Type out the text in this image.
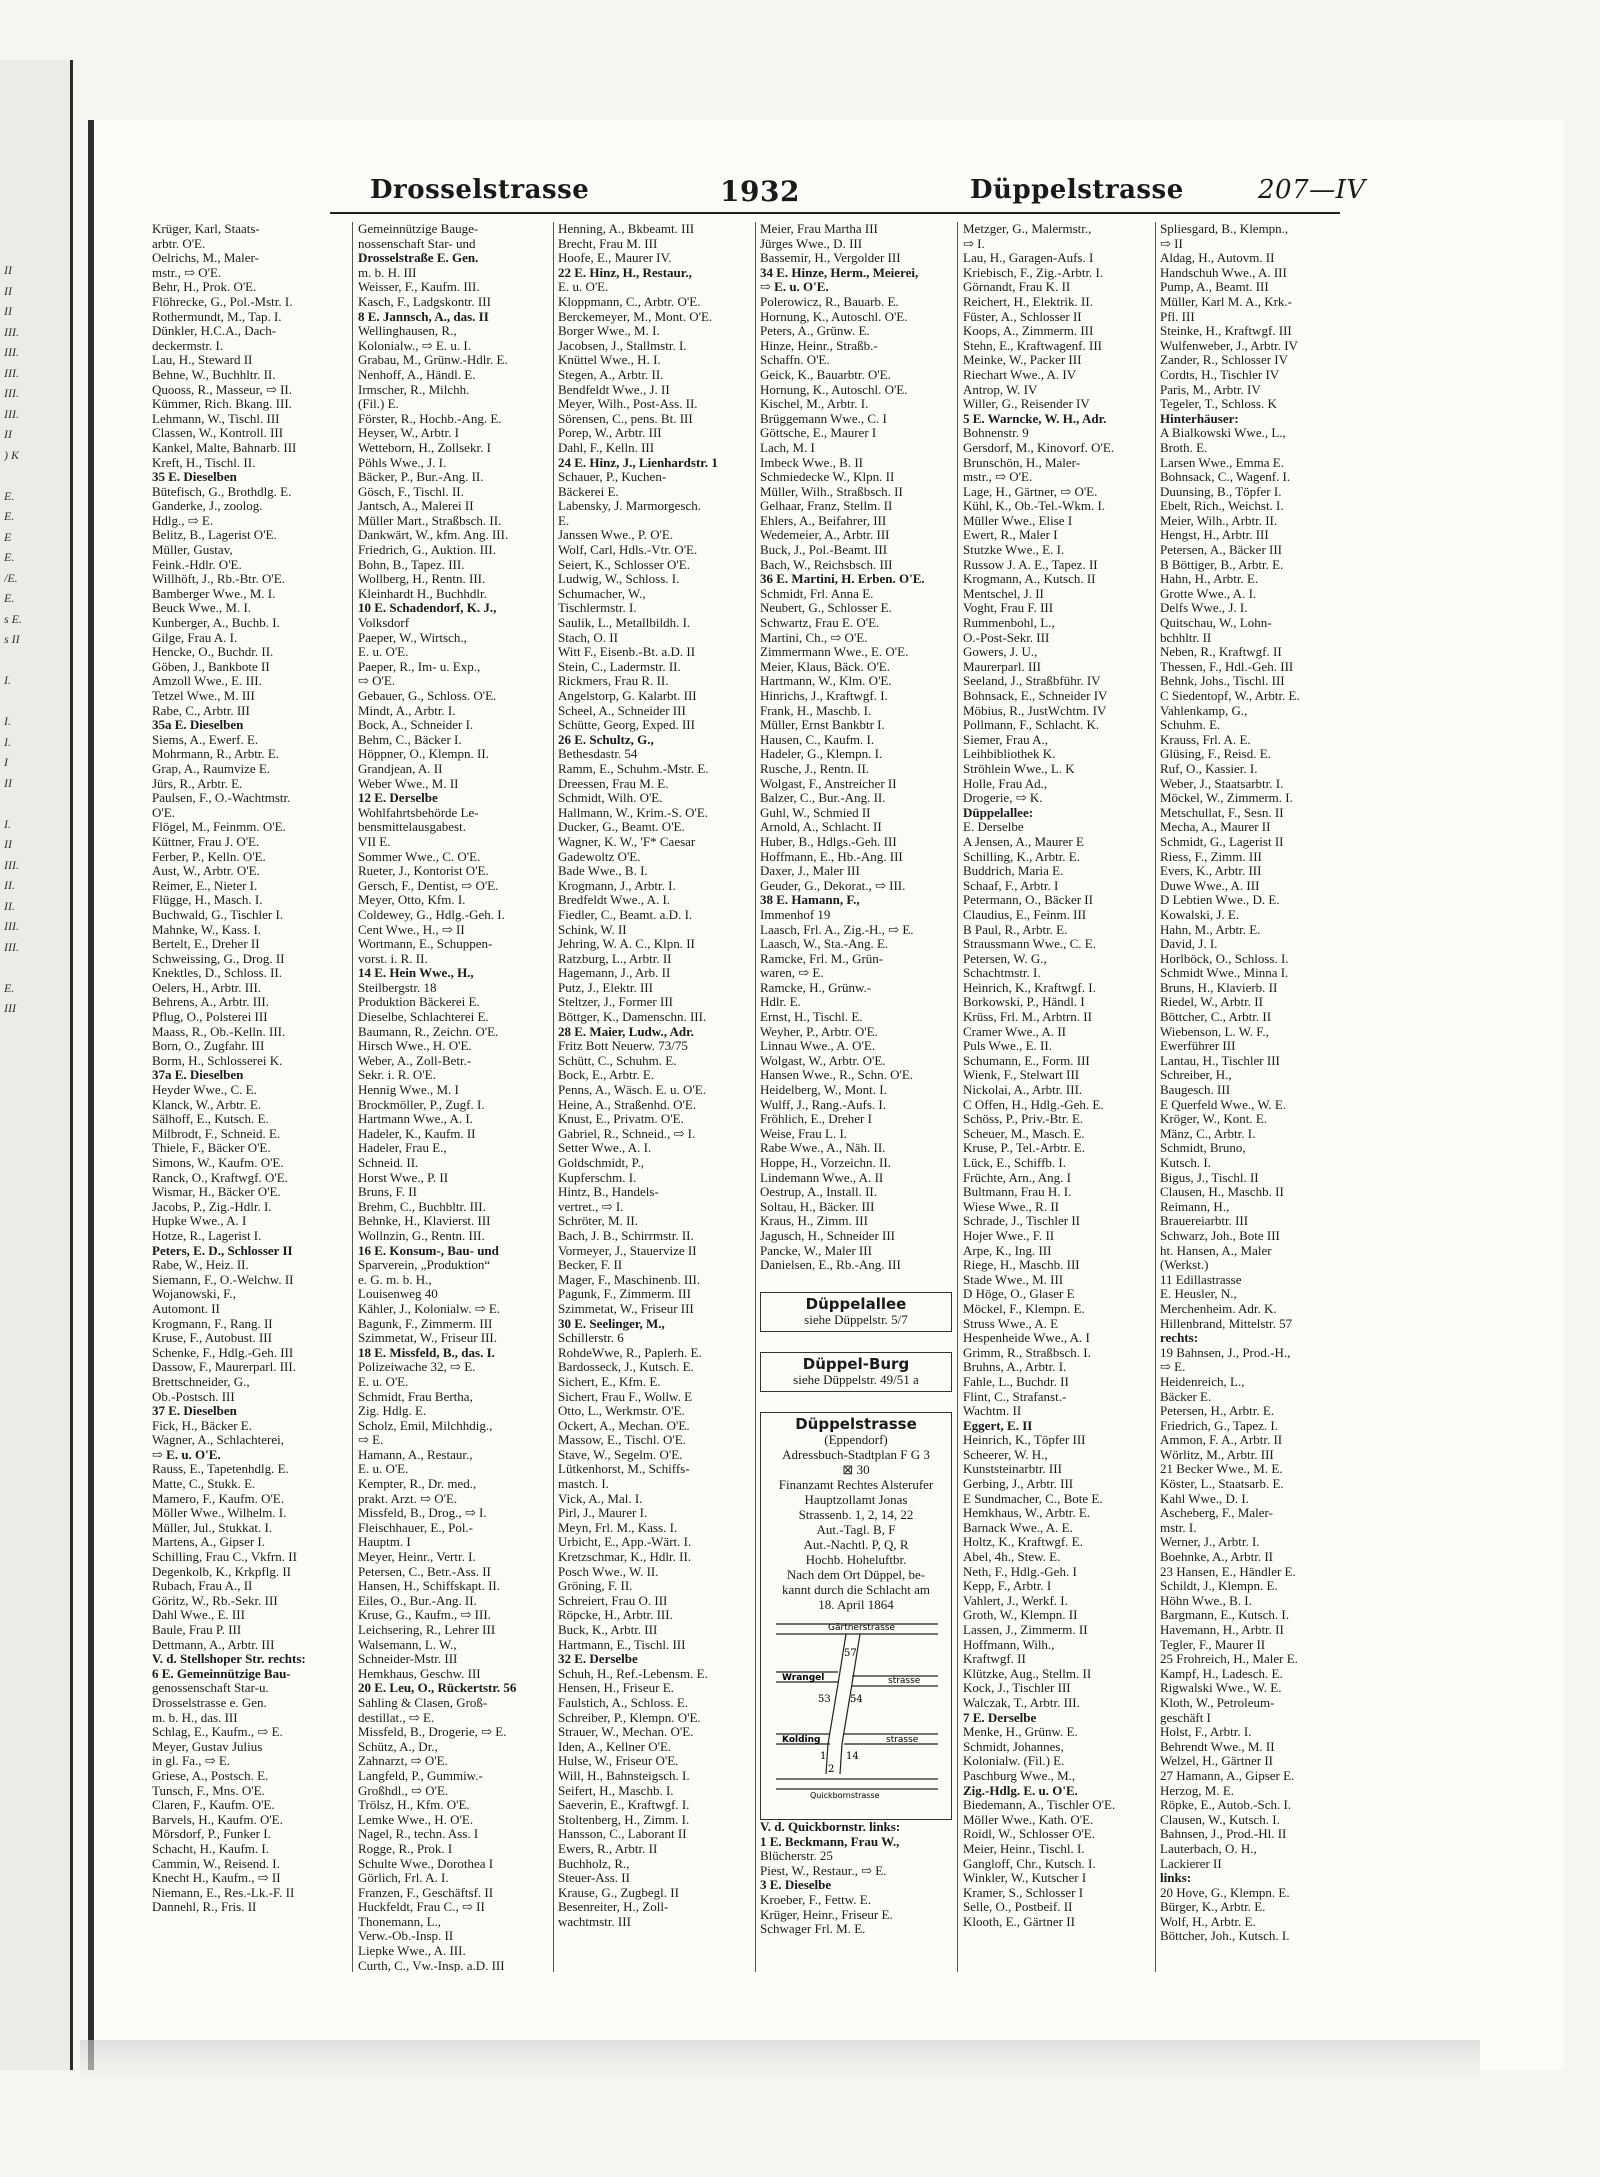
II
II
II
III.
III.
III.
III.
III.
II
) K
E.
E.
E
E.
/E.
E.
s E.
s II
I.
I.
I.
I
II
I.
II
III.
II.
II.
III.
III.
E.
III
Drosselstrasse	1932	Düppelstrasse	207—IV
Krüger, Karl, Staats-
arbtr. O'E.
Oelrichs, M., Maler-
mstr., ⇨ O'E.
Behr, H., Prok. O'E.
Flöhrecke, G., Pol.-Mstr. I.
Rothermundt, M., Tap. I.
Dünkler, H.C.A., Dach-
deckermstr. I.
Lau, H., Steward II
Behne, W., Buchhltr. II.
Quooss, R., Masseur, ⇨ II.
Kümmer, Rich. Bkang. III.
Lehmann, W., Tischl. III
Classen, W., Kontroll. III
Kankel, Malte, Bahnarb. III
Kreft, H., Tischl. II.
35 E. Dieselben
Bütefisch, G., Brothdlg. E.
Ganderke, J., zoolog.
Hdlg., ⇨ E.
Belitz, B., Lagerist O'E.
Müller, Gustav,
Feink.-Hdlr. O'E.
Willhöft, J., Rb.-Btr. O'E.
Bamberger Wwe., M. I.
Beuck Wwe., M. I.
Kunberger, A., Buchb. I.
Gilge, Frau A. I.
Hencke, O., Buchdr. II.
Göben, J., Bankbote II
Amzoll Wwe., E. III.
Tetzel Wwe., M. III
Rabe, C., Arbtr. III
35a E. Dieselben
Siems, A., Ewerf. E.
Mohrmann, R., Arbtr. E.
Grap, A., Raumvize E.
Jürs, R., Arbtr. E.
Paulsen, F., O.-Wachtmstr.
O'E.
Flögel, M., Feinmm. O'E.
Küttner, Frau J. O'E.
Ferber, P., Kelln. O'E.
Aust, W., Arbtr. O'E.
Reimer, E., Nieter I.
Flügge, H., Masch. I.
Buchwald, G., Tischler I.
Mahnke, W., Kass. I.
Bertelt, E., Dreher II
Schweissing, G., Drog. II
Knektles, D., Schloss. II.
Oelers, H., Arbtr. III.
Behrens, A., Arbtr. III.
Pflug, O., Polsterei III
Maass, R., Ob.-Kelln. III.
Born, O., Zugfahr. III
Borm, H., Schlosserei K.
37a E. Dieselben
Heyder Wwe., C. E.
Klanck, W., Arbtr. E.
Sälhoff, E., Kutsch. E.
Milbrodt, F., Schneid. E.
Thiele, F., Bäcker O'E.
Simons, W., Kaufm. O'E.
Ranck, O., Kraftwgf. O'E.
Wismar, H., Bäcker O'E.
Jacobs, P., Zig.-Hdlr. I.
Hupke Wwe., A. I
Hotze, R., Lagerist I.
Peters, E. D., Schlosser II
Rabe, W., Heiz. II.
Siemann, F., O.-Welchw. II
Wojanowski, F.,
Automont. II
Krogmann, F., Rang. II
Kruse, F., Autobust. III
Schenke, F., Hdlg.-Geh. III
Dassow, F., Maurerparl. III.
Brettschneider, G.,
Ob.-Postsch. III
37 E. Dieselben
Fick, H., Bäcker E.
Wagner, A., Schlachterei,
⇨ E. u. O'E.
Rauss, E., Tapetenhdlg. E.
Matte, C., Stukk. E.
Mamero, F., Kaufm. O'E.
Möller Wwe., Wilhelm. I.
Müller, Jul., Stukkat. I.
Martens, A., Gipser I.
Schilling, Frau C., Vkfrn. II
Degenkolb, K., Krkpflg. II
Rubach, Frau A., II
Göritz, W., Rb.-Sekr. III
Dahl Wwe., E. III
Baule, Frau P. III
Dettmann, A., Arbtr. III
V. d. Stellshoper Str. rechts:
6 E. Gemeinnützige Bau-
genossenschaft Star-u.
Drosselstrasse e. Gen.
m. b. H., das. III
Schlag, E., Kaufm., ⇨ E.
Meyer, Gustav Julius
in gl. Fa., ⇨ E.
Griese, A., Postsch. E.
Tunsch, F., Mns. O'E.
Claren, F., Kaufm. O'E.
Barvels, H., Kaufm. O'E.
Mörsdorf, P., Funker I.
Schacht, H., Kaufm. I.
Cammin, W., Reisend. I.
Knecht H., Kaufm., ⇨ II
Niemann, E., Res.-Lk.-F. II
Dannehl, R., Fris. II
Gemeinnützige Bauge-
nossenschaft Star- und
Drosselstraße E. Gen.
m. b. H. III
Weisser, F., Kaufm. III.
Kasch, F., Ladgskontr. III
8 E. Jannsch, A., das. II
Wellinghausen, R.,
Kolonialw., ⇨ E. u. I.
Grabau, M., Grünw.-Hdlr. E.
Nenhoff, A., Händl. E.
Irmscher, R., Milchh.
(Fil.) E.
Förster, R., Hochb.-Ang. E.
Heyser, W., Arbtr. I
Wetteborn, H., Zollsekr. I
Pöhls Wwe., J. I.
Bäcker, P., Bur.-Ang. II.
Gösch, F., Tischl. II.
Jantsch, A., Malerei II
Müller Mart., Straßbsch. II.
Dankwärt, W., kfm. Ang. III.
Friedrich, G., Auktion. III.
Bohn, B., Tapez. III.
Wollberg, H., Rentn. III.
Kleinhardt H., Buchhdlr.
10 E. Schadendorf, K. J.,
Volksdorf
Paeper, W., Wirtsch.,
E. u. O'E.
Paeper, R., Im- u. Exp.,
⇨ O'E.
Gebauer, G., Schloss. O'E.
Mindt, A., Arbtr. I.
Bock, A., Schneider I.
Behm, C., Bäcker I.
Höppner, O., Klempn. II.
Grandjean, A. II
Weber Wwe., M. II
12 E. Derselbe
Wohlfahrtsbehörde Le-
bensmittelausgabest.
VII E.
Sommer Wwe., C. O'E.
Rueter, J., Kontorist O'E.
Gersch, F., Dentist, ⇨ O'E.
Meyer, Otto, Kfm. I.
Coldewey, G., Hdlg.-Geh. I.
Cent Wwe., H., ⇨ II
Wortmann, E., Schuppen-
vorst. i. R. II.
14 E. Hein Wwe., H.,
Steilbergstr. 18
Produktion Bäckerei E.
Dieselbe, Schlachterei E.
Baumann, R., Zeichn. O'E.
Hirsch Wwe., H. O'E.
Weber, A., Zoll-Betr.-
Sekr. i. R. O'E.
Hennig Wwe., M. I
Brockmöller, P., Zugf. I.
Hartmann Wwe., A. I.
Hadeler, K., Kaufm. II
Hadeler, Frau E.,
Schneid. II.
Horst Wwe., P. II
Bruns, F. II
Brehm, C., Buchbltr. III.
Behnke, H., Klavierst. III
Wollnzin, G., Rentn. III.
16 E. Konsum-, Bau- und
Sparverein, „Produktion“
e. G. m. b. H.,
Louisenweg 40
Kähler, J., Kolonialw. ⇨ E.
Bagunk, F., Zimmerm. III
Szimmetat, W., Friseur III.
18 E. Missfeld, B., das. I.
Polizeiwache 32, ⇨ E.
E. u. O'E.
Schmidt, Frau Bertha,
Zig. Hdlg. E.
Scholz, Emil, Milchhdig.,
⇨ E.
Hamann, A., Restaur.,
E. u. O'E.
Kempter, R., Dr. med.,
prakt. Arzt. ⇨ O'E.
Missfeld, B., Drog., ⇨ I.
Fleischhauer, E., Pol.-
Hauptm. I
Meyer, Heinr., Vertr. I.
Petersen, C., Betr.-Ass. II
Hansen, H., Schiffskapt. II.
Eiles, O., Bur.-Ang. II.
Kruse, G., Kaufm., ⇨ III.
Leichsering, R., Lehrer III
Walsemann, L. W.,
Schneider-Mstr. III
Hemkhaus, Geschw. III
20 E. Leu, O., Rückertstr. 56
Sahling & Clasen, Groß-
destillat., ⇨ E.
Missfeld, B., Drogerie, ⇨ E.
Schütz, A., Dr.,
Zahnarzt, ⇨ O'E.
Langfeld, P., Gummiw.-
Großhdl., ⇨ O'E.
Trölsz, H., Kfm. O'E.
Lemke Wwe., H. O'E.
Nagel, R., techn. Ass. I
Rogge, R., Prok. I
Schulte Wwe., Dorothea I
Görlich, Frl. A. I.
Franzen, F., Geschäftsf. II
Huckfeldt, Frau C., ⇨ II
Thonemann, L.,
Verw.-Ob.-Insp. II
Liepke Wwe., A. III.
Curth, C., Vw.-Insp. a.D. III
Henning, A., Bkbeamt. III
Brecht, Frau M. III
Hoofe, E., Maurer IV.
22 E. Hinz, H., Restaur.,
E. u. O'E.
Kloppmann, C., Arbtr. O'E.
Berckemeyer, M., Mont. O'E.
Borger Wwe., M. I.
Jacobsen, J., Stallmstr. I.
Knüttel Wwe., H. I.
Stegen, A., Arbtr. II.
Bendfeldt Wwe., J. II
Meyer, Wilh., Post-Ass. II.
Sörensen, C., pens. Bt. III
Porep, W., Arbtr. III
Dahl, F., Kelln. III
24 E. Hinz, J., Lienhardstr. 1
Schauer, P., Kuchen-
Bäckerei E.
Labensky, J. Marmorgesch.
E.
Janssen Wwe., P. O'E.
Wolf, Carl, Hdls.-Vtr. O'E.
Seiert, K., Schlosser O'E.
Ludwig, W., Schloss. I.
Schumacher, W.,
Tischlermstr. I.
Saulik, L., Metallbildh. I.
Stach, O. II
Witt F., Eisenb.-Bt. a.D. II
Stein, C., Ladermstr. II.
Rickmers, Frau R. II.
Angelstorp, G. Kalarbt. III
Scheel, A., Schneider III
Schütte, Georg, Exped. III
26 E. Schultz, G.,
Bethesdastr. 54
Ramm, E., Schuhm.-Mstr. E.
Dreessen, Frau M. E.
Schmidt, Wilh. O'E.
Hallmann, W., Krim.-S. O'E.
Ducker, G., Beamt. O'E.
Wagner, K. W., 'F* Caesar
Gadewoltz O'E.
Bade Wwe., B. I.
Krogmann, J., Arbtr. I.
Bredfeldt Wwe., A. I.
Fiedler, C., Beamt. a.D. I.
Schink, W. II
Jehring, W. A. C., Klpn. II
Ratzburg, L., Arbtr. II
Hagemann, J., Arb. II
Putz, J., Elektr. III
Steltzer, J., Former III
Böttger, K., Damenschn. III.
28 E. Maier, Ludw., Adr.
Fritz Bott Neuerw. 73/75
Schütt, C., Schuhm. E.
Bock, E., Arbtr. E.
Penns, A., Wäsch. E. u. O'E.
Heine, A., Straßenhd. O'E.
Knust, E., Privatm. O'E.
Gabriel, R., Schneid., ⇨ I.
Setter Wwe., A. I.
Goldschmidt, P.,
Kupferschm. I.
Hintz, B., Handels-
vertret., ⇨ I.
Schröter, M. II.
Bach, J. B., Schirrmstr. II.
Vormeyer, J., Stauervize II
Becker, F. II
Mager, F., Maschinenb. III.
Pagunk, F., Zimmerm. III
Szimmetat, W., Friseur III
30 E. Seelinger, M.,
Schillerstr. 6
RohdeWwe, R., Paplerh. E.
Bardosseck, J., Kutsch. E.
Sichert, E., Kfm. E.
Sichert, Frau F., Wollw. E
Otto, L., Werkmstr. O'E.
Ockert, A., Mechan. O'E.
Massow, E., Tischl. O'E.
Stave, W., Segelm. O'E.
Lütkenhorst, M., Schiffs-
mastch. I.
Vick, A., Mal. I.
Pirl, J., Maurer I.
Meyn, Frl. M., Kass. I.
Urbicht, E., App.-Wärt. I.
Kretzschmar, K., Hdlr. II.
Posch Wwe., W. II.
Gröning, F. II.
Schreiert, Frau O. III
Röpcke, H., Arbtr. III.
Buck, K., Arbtr. III
Hartmann, E., Tischl. III
32 E. Derselbe
Schuh, H., Ref.-Lebensm. E.
Hensen, H., Friseur E.
Faulstich, A., Schloss. E.
Schreiber, P., Klempn. O'E.
Strauer, W., Mechan. O'E.
Iden, A., Kellner O'E.
Hulse, W., Friseur O'E.
Will, H., Bahnsteigsch. I.
Seifert, H., Maschb. I.
Saeverin, E., Kraftwgf. I.
Stoltenberg, H., Zimm. I.
Hansson, C., Laborant II
Ewers, R., Arbtr. II
Buchholz, R.,
Steuer-Ass. II
Krause, G., Zugbegl. II
Besenreiter, H., Zoll-
wachtmstr. III
Meier, Frau Martha III
Jürges Wwe., D. III
Bassemir, H., Vergolder III
34 E. Hinze, Herm., Meierei,
⇨ E. u. O'E.
Polerowicz, R., Bauarb. E.
Hornung, K., Autoschl. O'E.
Peters, A., Grünw. E.
Hinze, Heinr., Straßb.-
Schaffn. O'E.
Geick, K., Bauarbtr. O'E.
Hornung, K., Autoschl. O'E.
Kischel, M., Arbtr. I.
Brüggemann Wwe., C. I
Göttsche, E., Maurer I
Lach, M. I
Imbeck Wwe., B. II
Schmiedecke W., Klpn. II
Müller, Wilh., Straßbsch. II
Gelhaar, Franz, Stellm. II
Ehlers, A., Beifahrer, III
Wedemeier, A., Arbtr. III
Buck, J., Pol.-Beamt. III
Bach, W., Reichsbsch. III
36 E. Martini, H. Erben. O'E.
Schmidt, Frl. Anna E.
Neubert, G., Schlosser E.
Schwartz, Frau E. O'E.
Martini, Ch., ⇨ O'E.
Zimmermann Wwe., E. O'E.
Meier, Klaus, Bäck. O'E.
Hartmann, W., Klm. O'E.
Hinrichs, J., Kraftwgf. I.
Frank, H., Maschb. I.
Müller, Ernst Bankbtr I.
Hausen, C., Kaufm. I.
Hadeler, G., Klempn. I.
Rusche, J., Rentn. II.
Wolgast, F., Anstreicher II
Balzer, C., Bur.-Ang. II.
Guhl, W., Schmied II
Arnold, A., Schlacht. II
Huber, B., Hdlgs.-Geh. III
Hoffmann, E., Hb.-Ang. III
Daxer, J., Maler III
Geuder, G., Dekorat., ⇨ III.
38 E. Hamann, F.,
Immenhof 19
Laasch, Frl. A., Zig.-H., ⇨ E.
Laasch, W., Sta.-Ang. E.
Ramcke, Frl. M., Grün-
waren, ⇨ E.
Ramcke, H., Grünw.-
Hdlr. E.
Ernst, H., Tischl. E.
Weyher, P., Arbtr. O'E.
Linnau Wwe., A. O'E.
Wolgast, W., Arbtr. O'E.
Hansen Wwe., R., Schn. O'E.
Heidelberg, W., Mont. I.
Wulff, J., Rang.-Aufs. I.
Fröhlich, E., Dreher I
Weise, Frau L. I.
Rabe Wwe., A., Näh. II.
Hoppe, H., Vorzeichn. II.
Lindemann Wwe., A. II
Oestrup, A., Install. II.
Soltau, H., Bäcker. III
Kraus, H., Zimm. III
Jagusch, H., Schneider III
Pancke, W., Maler III
Danielsen, E., Rb.-Ang. III
Metzger, G., Malermstr.,
⇨ I.
Lau, H., Garagen-Aufs. I
Kriebisch, F., Zig.-Arbtr. I.
Görnandt, Frau K. II
Reichert, H., Elektrik. II.
Füster, A., Schlosser II
Koops, A., Zimmerm. III
Stehn, E., Kraftwagenf. III
Meinke, W., Packer III
Riechart Wwe., A. IV
Antrop, W. IV
Willer, G., Reisender IV
5 E. Warncke, W. H., Adr.
Bohnenstr. 9
Gersdorf, M., Kinovorf. O'E.
Brunschön, H., Maler-
mstr., ⇨ O'E.
Lage, H., Gärtner, ⇨ O'E.
Kühl, K., Ob.-Tel.-Wkm. I.
Müller Wwe., Elise I
Ewert, R., Maler I
Stutzke Wwe., E. I.
Russow J. A. E., Tapez. II
Krogmann, A., Kutsch. II
Mentschel, J. II
Voght, Frau F. III
Rummenbohl, L.,
O.-Post-Sekr. III
Gowers, J. U.,
Maurerparl. III
Seeland, J., Straßbführ. IV
Bohnsack, E., Schneider IV
Möbius, R., JustWchtm. IV
Pollmann, F., Schlacht. K.
Siemer, Frau A.,
Leihbibliothek K.
Ströhlein Wwe., L. K
Holle, Frau Ad.,
Drogerie, ⇨ K.
Düppelallee:
E. Derselbe
A Jensen, A., Maurer E
Schilling, K., Arbtr. E.
Buddrich, Maria E.
Schaaf, F., Arbtr. I
Petermann, O., Bäcker II
Claudius, E., Feinm. III
B Paul, R., Arbtr. E.
Straussmann Wwe., C. E.
Petersen, W. G.,
Schachtmstr. I.
Heinrich, K., Kraftwgf. I.
Borkowski, P., Händl. I
Krüss, Frl. M., Arbtrn. II
Cramer Wwe., A. II
Puls Wwe., E. II.
Schumann, E., Form. III
Wienk, F., Stelwart III
Nickolai, A., Arbtr. III.
C Offen, H., Hdlg.-Geh. E.
Schöss, P., Priv.-Btr. E.
Scheuer, M., Masch. E.
Kruse, P., Tel.-Arbtr. E.
Lück, E., Schiffb. I.
Früchte, Arn., Ang. I
Bultmann, Frau H. I.
Wiese Wwe., R. II
Schrade, J., Tischler II
Hojer Wwe., F. II
Arpe, K., Ing. III
Riege, H., Maschb. III
Stade Wwe., M. III
D Höge, O., Glaser E
Möckel, F., Klempn. E.
Struss Wwe., A. E
Hespenheide Wwe., A. I
Grimm, R., Straßbsch. I.
Bruhns, A., Arbtr. I.
Fahle, L., Buchdr. II
Flint, C., Strafanst.-
Wachtm. II
Eggert, E. II
Heinrich, K., Töpfer III
Scheerer, W. H.,
Kunststeinarbtr. III
Gerbing, J., Arbtr. III
E Sundmacher, C., Bote E.
Hemkhaus, W., Arbtr. E.
Barnack Wwe., A. E.
Holtz, K., Kraftwgf. E.
Abel, 4h., Stew. E.
Neth, F., Hdlg.-Geh. I
Kepp, F., Arbtr. I
Vahlert, J., Werkf. I.
Groth, W., Klempn. II
Lassen, J., Zimmerm. II
Hoffmann, Wilh.,
Kraftwgf. II
Klützke, Aug., Stellm. II
Kock, J., Tischler III
Walczak, T., Arbtr. III.
7 E. Derselbe
Menke, H., Grünw. E.
Schmidt, Johannes,
Kolonialw. (Fil.) E.
Paschburg Wwe., M.,
Zig.-Hdlg. E. u. O'E.
Biedemann, A., Tischler O'E.
Möller Wwe., Kath. O'E.
Roidl, W., Schlosser O'E.
Meier, Heinr., Tischl. I.
Gangloff, Chr., Kutsch. I.
Winkler, W., Kutscher I
Kramer, S., Schlosser I
Selle, O., Postbeif. II
Klooth, E., Gärtner II
Spliesgard, B., Klempn.,
⇨ II
Aldag, H., Autovm. II
Handschuh Wwe., A. III
Pump, A., Beamt. III
Müller, Karl M. A., Krk.-
Pfl. III
Steinke, H., Kraftwgf. III
Wulfenweber, J., Arbtr. IV
Zander, R., Schlosser IV
Cordts, H., Tischler IV
Paris, M., Arbtr. IV
Tegeler, T., Schloss. K
Hinterhäuser:
A Bialkowski Wwe., L.,
Broth. E.
Larsen Wwe., Emma E.
Bohnsack, C., Wagenf. I.
Duunsing, B., Töpfer I.
Ebelt, Rich., Weichst. I.
Meier, Wilh., Arbtr. II.
Hengst, H., Arbtr. III
Petersen, A., Bäcker III
B Böttiger, B., Arbtr. E.
Hahn, H., Arbtr. E.
Grotte Wwe., A. I.
Delfs Wwe., J. I.
Quitschau, W., Lohn-
bchhltr. II
Neben, R., Kraftwgf. II
Thessen, F., Hdl.-Geh. III
Behnk, Johs., Tischl. III
C Siedentopf, W., Arbtr. E.
Vahlenkamp, G.,
Schuhm. E.
Krauss, Frl. A. E.
Glüsing, F., Reisd. E.
Ruf, O., Kassier. I.
Weber, J., Staatsarbtr. I.
Möckel, W., Zimmerm. I.
Metschullat, F., Sesn. II
Mecha, A., Maurer II
Schmidt, G., Lagerist II
Riess, F., Zimm. III
Evers, K., Arbtr. III
Duwe Wwe., A. III
D Lebtien Wwe., D. E.
Kowalski, J. E.
Hahn, M., Arbtr. E.
David, J. I.
Horlböck, O., Schloss. I.
Schmidt Wwe., Minna I.
Bruns, H., Klavierb. II
Riedel, W., Arbtr. II
Böttcher, C., Arbtr. II
Wiebenson, L. W. F.,
Ewerführer III
Lantau, H., Tischler III
Schreiber, H.,
Baugesch. III
E Querfeld Wwe., W. E.
Kröger, W., Kont. E.
Mänz, C., Arbtr. I.
Schmidt, Bruno,
Kutsch. I.
Bigus, J., Tischl. II
Clausen, H., Maschb. II
Reimann, H.,
Brauereiarbtr. III
Schwarz, Joh., Bote III
ht. Hansen, A., Maler
(Werkst.)
11 Edillastrasse
E. Heusler, N.,
Merchenheim. Adr. K.
Hillenbrand, Mittelstr. 57
rechts:
19 Bahnsen, J., Prod.-H.,
⇨ E.
Heidenreich, L.,
Bäcker E.
Petersen, H., Arbtr. E.
Friedrich, G., Tapez. I.
Ammon, F. A., Arbtr. II
Wörlitz, M., Arbtr. III
21 Becker Wwe., M. E.
Köster, L., Staatsarb. E.
Kahl Wwe., D. I.
Ascheberg, F., Maler-
mstr. I.
Werner, J., Arbtr. I.
Boehnke, A., Arbtr. II
23 Hansen, E., Händler E.
Schildt, J., Klempn. E.
Höhn Wwe., B. I.
Bargmann, E., Kutsch. I.
Havemann, H., Arbtr. II
Tegler, F., Maurer II
25 Frohreich, H., Maler E.
Kampf, H., Ladesch. E.
Rigwalski Wwe., W. E.
Kloth, W., Petroleum-
geschäft I
Holst, F., Arbtr. I.
Behrendt Wwe., M. II
Welzel, H., Gärtner II
27 Hamann, A., Gipser E.
Herzog, M. E.
Röpke, E., Autob.-Sch. I.
Clausen, W., Kutsch. I.
Bahnsen, J., Prod.-Hl. II
Lauterbach, O. H.,
Lackierer II
links:
20 Hove, G., Klempn. E.
Bürger, K., Arbtr. E.
Wolf, H., Arbtr. E.
Böttcher, Joh., Kutsch. I.
Düppelallee
siehe Düppelstr. 5/7
Düppel-Burg
siehe Düppelstr. 49/51 a
Düppelstrasse
(Eppendorf)
Adressbuch-Stadtplan F G 3
⊠ 30
Finanzamt Rechtes Alsterufer
Hauptzollamt Jonas
Strassenb. 1, 2, 14, 22
Aut.-Tagl. B, F
Aut.-Nachtl. P, Q, R
Hochb. Hoheluftbr.
Nach dem Ort Düppel, be-
kannt durch die Schlacht am
18. April 1864
Gärtnerstrasse
Wrangel	strasse
Kolding	strasse
Quickbornstrasse
57
53 54
1 14
2
V. d. Quickbornstr. links:
1 E. Beckmann, Frau W.,
Blücherstr. 25
Piest, W., Restaur., ⇨ E.
3 E. Dieselbe
Kroeber, F., Fettw. E.
Krüger, Heinr., Friseur E.
Schwager Frl. M. E.
